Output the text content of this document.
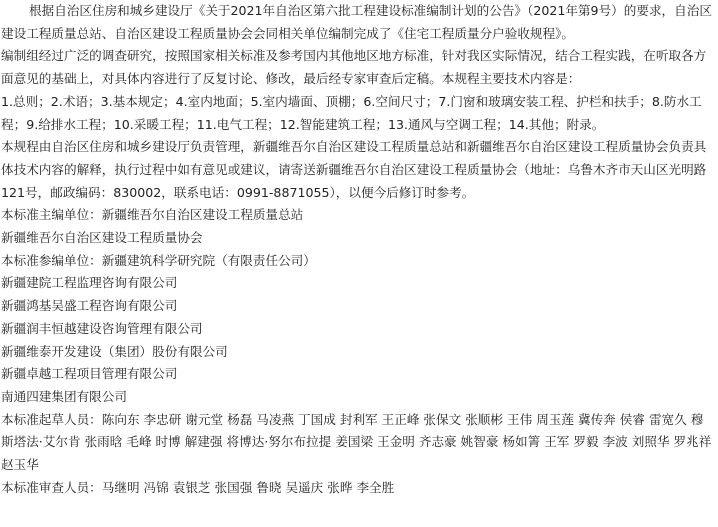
根据自治区住房和城乡建设厅《关于2021年自治区第六批工程建设标准编制计划的公告》（2021年第9号）的要求，自治区建设工程质量总站、自治区建设工程质量协会会同相关单位编制完成了《住宅工程质量分户验收规程》。

编制组经过广泛的调查研究，按照国家相关标准及参考国内其他地区地方标准，针对我区实际情况，结合工程实践，在听取各方面意见的基础上，对具体内容进行了反复讨论、修改，最后经专家审查后定稿。本规程主要技术内容是：

1.总则；2.术语；3.基本规定；4.室内地面；5.室内墙面、顶棚；6.空间尺寸；7.门窗和玻璃安装工程、护栏和扶手；8.防水工程；9.给排水工程；10.采暖工程；11.电气工程；12.智能建筑工程；13.通风与空调工程；14.其他；附录。

本规程由自治区住房和城乡建设厅负责管理，新疆维吾尔自治区建设工程质量总站和新疆维吾尔自治区建设工程质量协会负责具体技术内容的解释，执行过程中如有意见或建议，请寄送新疆维吾尔自治区建设工程质量协会（地址：乌鲁木齐市天山区光明路121号，邮政编码：830002，联系电话：0991-8871055），以便今后修订时参考。

本标准主编单位：新疆维吾尔自治区建设工程质量总站

新疆维吾尔自治区建设工程质量协会

本标准参编单位：新疆建筑科学研究院（有限责任公司）

新疆建院工程监理咨询有限公司

新疆鸿基吴盛工程咨询有限公司

新疆润丰恒越建设咨询管理有限公司

新疆维泰开发建设（集团）股份有限公司

新疆卓越工程项目管理有限公司

南通四建集团有限公司

本标准起草人员：陈向东 李忠研 谢元堂 杨磊 马凌燕 丁国成 封利军 王正峰 张保文 张顺彬 王伟 周玉莲 冀传奔 侯睿 雷宽久 穆斯塔法·艾尔肯 张雨晗 毛峰 时博 解建强 将博达·努尔布拉提 姜国梁 王金明 齐志豪 姚智豪 杨如箐 王军 罗毅 李波 刘照华 罗兆祥 赵玉华

本标准审查人员：马继明 冯锦 袁银芝 张国强 鲁晓 吴遥庆 张晔 李全胜
